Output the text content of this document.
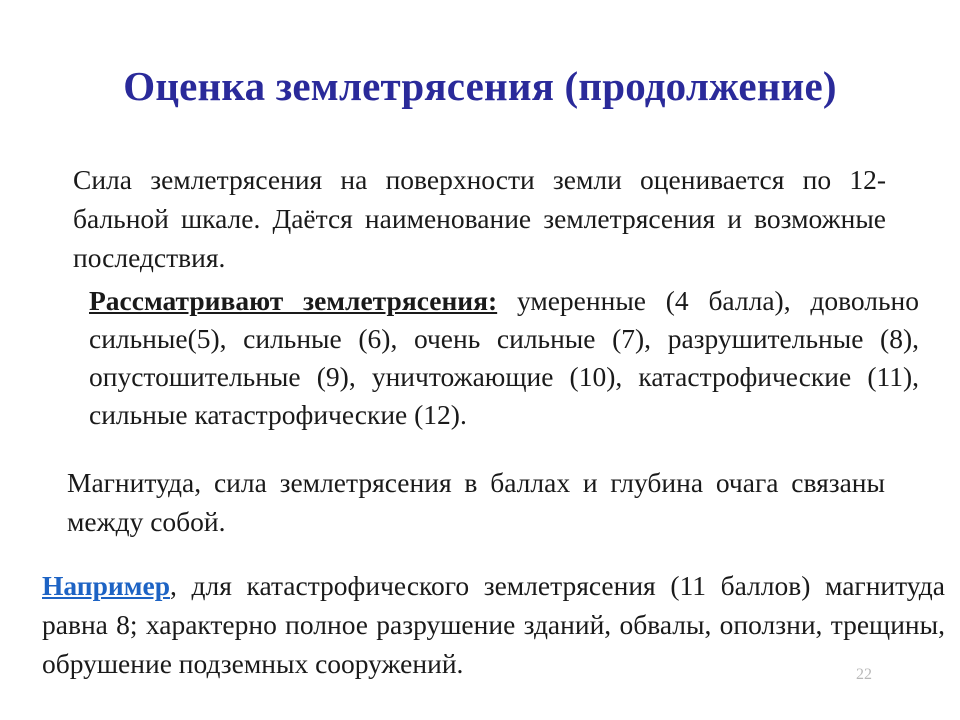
Оценка землетрясения (продолжение)

Сила землетрясения на поверхности земли оценивается по 12-бальной шкале. Даётся наименование землетрясения и возможные последствия.

Рассматривают землетрясения: умеренные (4 балла), довольно сильные(5), сильные (6), очень сильные (7), разрушительные (8), опустошительные (9), уничтожающие (10), катастрофические (11), сильные катастрофические (12).

Магнитуда, сила землетрясения в баллах и глубина очага связаны между собой.

Например, для катастрофического землетрясения (11 баллов) магнитуда равна 8; характерно полное разрушение зданий, обвалы, оползни, трещины, обрушение подземных сооружений.	22
